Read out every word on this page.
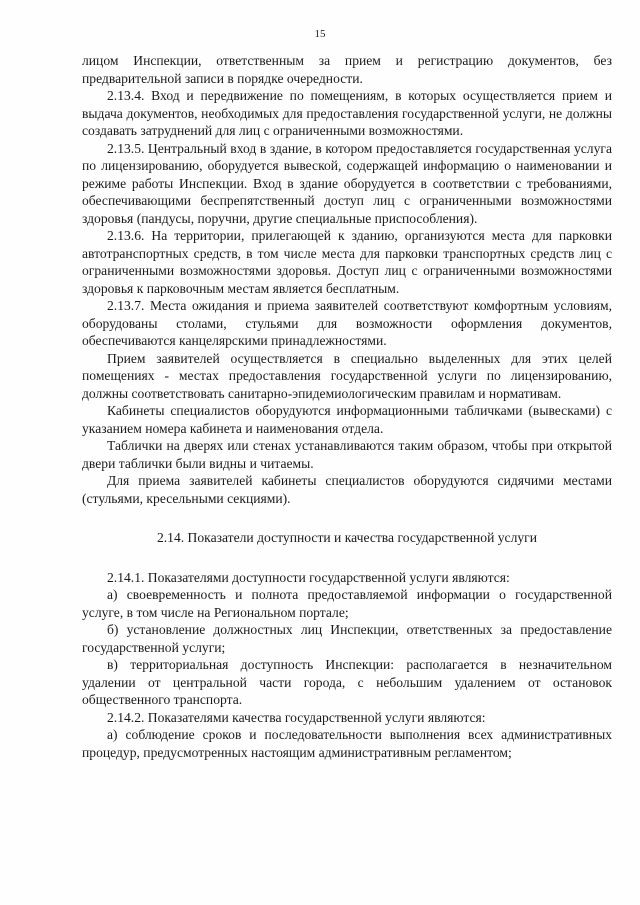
15

лицом Инспекции, ответственным за прием и регистрацию документов, без предварительной записи в порядке очередности.

2.13.4. Вход и передвижение по помещениям, в которых осуществляется прием и выдача документов, необходимых для предоставления государственной услуги, не должны создавать затруднений для лиц с ограниченными возможностями.

2.13.5. Центральный вход в здание, в котором предоставляется государственная услуга по лицензированию, оборудуется вывеской, содержащей информацию о наименовании и режиме работы Инспекции. Вход в здание оборудуется в соответствии с требованиями, обеспечивающими беспрепятственный доступ лиц с ограниченными возможностями здоровья (пандусы, поручни, другие специальные приспособления).

2.13.6. На территории, прилегающей к зданию, организуются места для парковки автотранспортных средств, в том числе места для парковки транспортных средств лиц с ограниченными возможностями здоровья. Доступ лиц с ограниченными возможностями здоровья к парковочным местам является бесплатным.

2.13.7. Места ожидания и приема заявителей соответствуют комфортным условиям, оборудованы столами, стульями для возможности оформления документов, обеспечиваются канцелярскими принадлежностями.

Прием заявителей осуществляется в специально выделенных для этих целей помещениях - местах предоставления государственной услуги по лицензированию, должны соответствовать санитарно-эпидемиологическим правилам и нормативам.

Кабинеты специалистов оборудуются информационными табличками (вывесками) с указанием номера кабинета и наименования отдела.

Таблички на дверях или стенах устанавливаются таким образом, чтобы при открытой двери таблички были видны и читаемы.

Для приема заявителей кабинеты специалистов оборудуются сидячими местами (стульями, кресельными секциями).

2.14. Показатели доступности и качества государственной услуги

2.14.1. Показателями доступности государственной услуги являются:

а) своевременность и полнота предоставляемой информации о государственной услуге, в том числе на Региональном портале;

б) установление должностных лиц Инспекции, ответственных за предоставление государственной услуги;

в) территориальная доступность Инспекции: располагается в незначительном удалении от центральной части города, с небольшим удалением от остановок общественного транспорта.

2.14.2. Показателями качества государственной услуги являются:

а) соблюдение сроков и последовательности выполнения всех административных процедур, предусмотренных настоящим административным регламентом;
